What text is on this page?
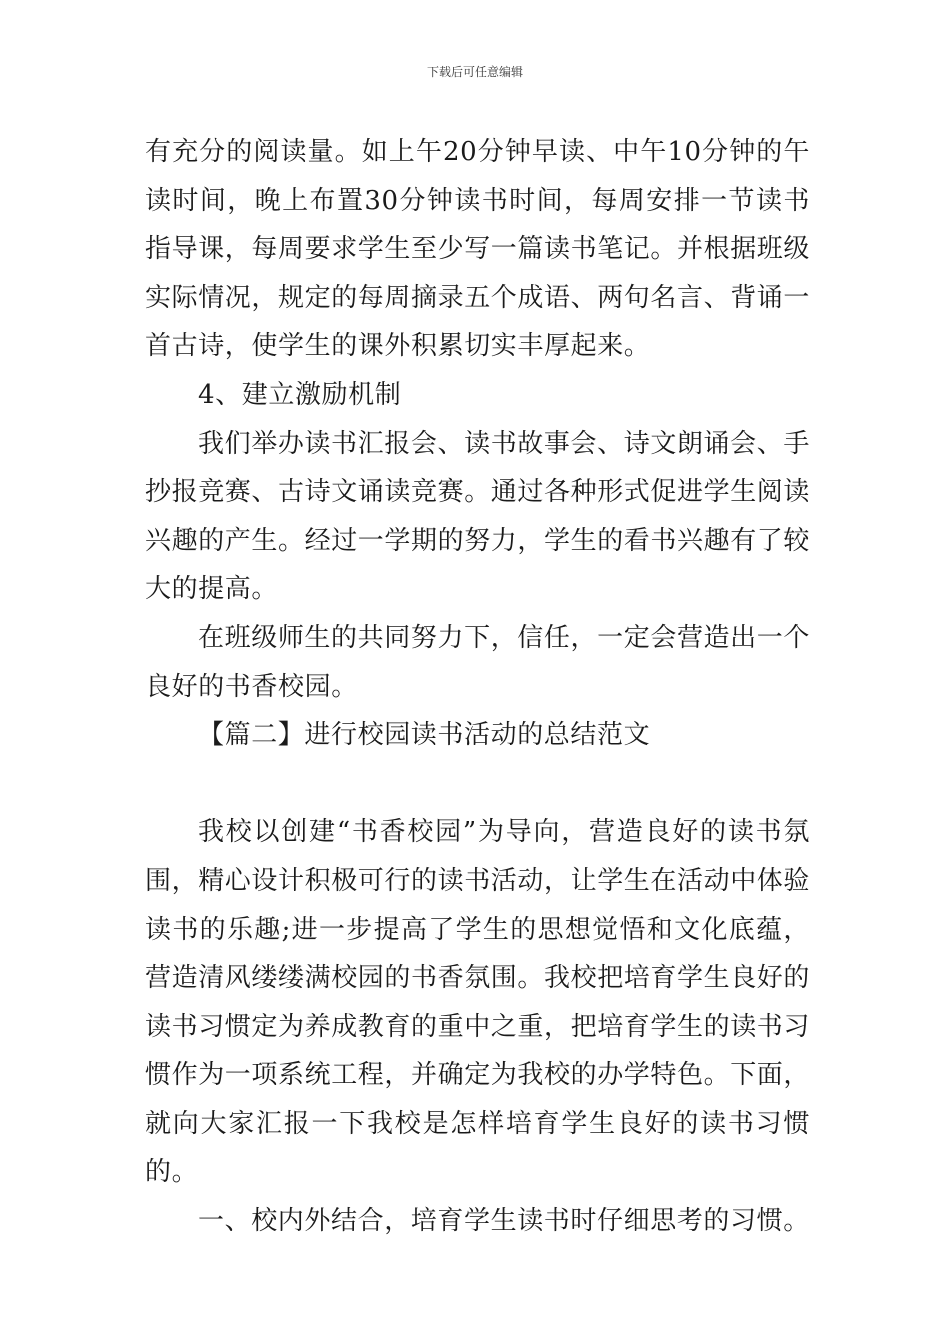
下载后可任意编辑

有充分的阅读量。如上午20分钟早读、中午10分钟的午读时间，晚上布置30分钟读书时间，每周安排一节读书指导课，每周要求学生至少写一篇读书笔记。并根据班级实际情况，规定的每周摘录五个成语、两句名言、背诵一首古诗，使学生的课外积累切实丰厚起来。

4、建立激励机制

我们举办读书汇报会、读书故事会、诗文朗诵会、手抄报竞赛、古诗文诵读竞赛。通过各种形式促进学生阅读兴趣的产生。经过一学期的努力，学生的看书兴趣有了较大的提高。

在班级师生的共同努力下，信任，一定会营造出一个良好的书香校园。

【篇二】进行校园读书活动的总结范文

我校以创建“书香校园”为导向，营造良好的读书氛围，精心设计积极可行的读书活动，让学生在活动中体验读书的乐趣;进一步提高了学生的思想觉悟和文化底蕴，营造清风缕缕满校园的书香氛围。我校把培育学生良好的读书习惯定为养成教育的重中之重，把培育学生的读书习惯作为一项系统工程，并确定为我校的办学特色。下面，就向大家汇报一下我校是怎样培育学生良好的读书习惯的。

一、校内外结合，培育学生读书时仔细思考的习惯。
